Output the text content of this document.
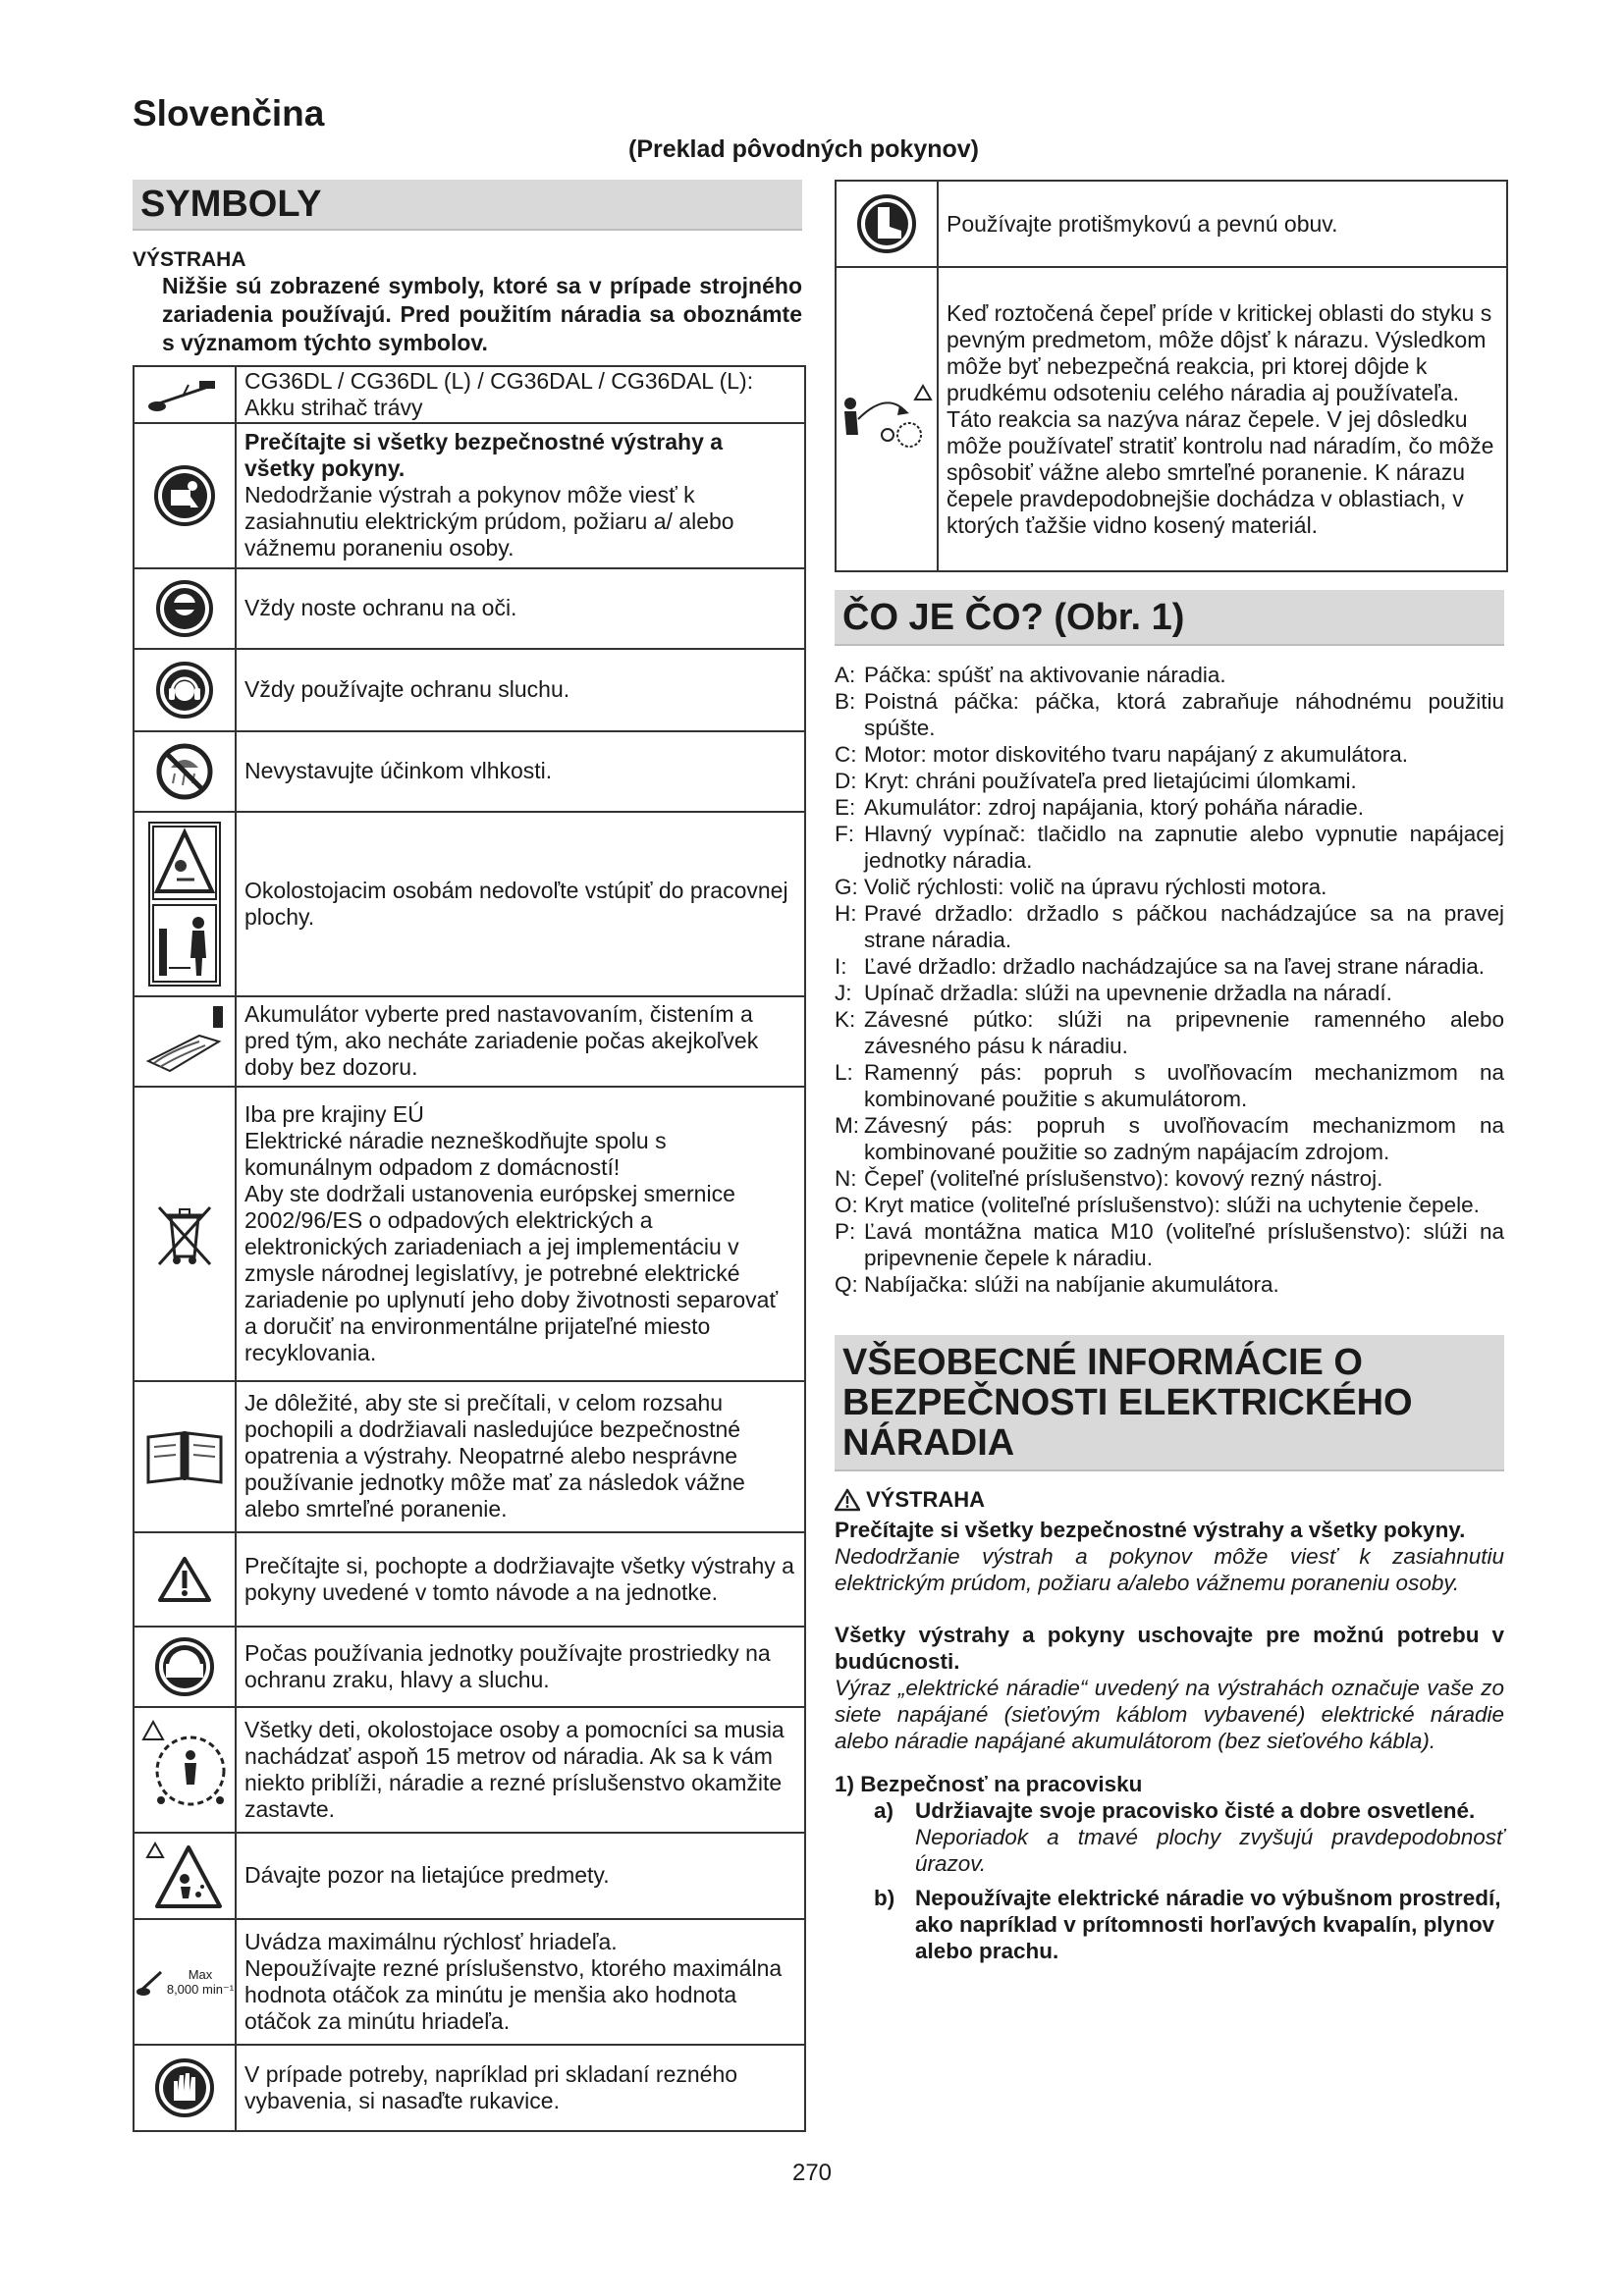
Slovenčina
(Preklad pôvodných pokynov)
SYMBOLY
VÝSTRAHA
Nižšie sú zobrazené symboly, ktoré sa v prípade strojného zariadenia používajú. Pred použitím náradia sa oboznámte s významom týchto symbolov.
CG36DL / CG36DL (L) / CG36DAL / CG36DAL (L):
Akku strihač trávy
Prečítajte si všetky bezpečnostné výstrahy a všetky pokyny.
Nedodržanie výstrah a pokynov môže viesť k zasiahnutiu elektrickým prúdom, požiaru a/ alebo vážnemu poraneniu osoby.
Vždy noste ochranu na oči.
Vždy používajte ochranu sluchu.
Nevystavujte účinkom vlhkosti.
Okolostojacim osobám nedovoľte vstúpiť do pracovnej plochy.
Akumulátor vyberte pred nastavovaním, čistením a pred tým, ako necháte zariadenie počas akejkoľvek doby bez dozoru.
Iba pre krajiny EÚ
Elektrické náradie nezneškodňujte spolu s komunálnym odpadom z domácností!
Aby ste dodržali ustanovenia európskej smernice 2002/96/ES o odpadových elektrických a elektronických zariadeniach a jej implementáciu v zmysle národnej legislatívy, je potrebné elektrické zariadenie po uplynutí jeho doby životnosti separovať a doručiť na environmentálne prijateľné miesto recyklovania.
Je dôležité, aby ste si prečítali, v celom rozsahu pochopili a dodržiavali nasledujúce bezpečnostné opatrenia a výstrahy. Neopatrné alebo nesprávne používanie jednotky môže mať za následok vážne alebo smrteľné poranenie.
Prečítajte si, pochopte a dodržiavajte všetky výstrahy a pokyny uvedené v tomto návode a na jednotke.
Počas používania jednotky používajte prostriedky na ochranu zraku, hlavy a sluchu.
Všetky deti, okolostojace osoby a pomocníci sa musia nachádzať aspoň 15 metrov od náradia. Ak sa k vám niekto priblíži, náradie a rezné príslušenstvo okamžite zastavte.
Dávajte pozor na lietajúce predmety.
Max
8,000 min⁻¹
Uvádza maximálnu rýchlosť hriadeľa.
Nepoužívajte rezné príslušenstvo, ktorého maximálna hodnota otáčok za minútu je menšia ako hodnota otáčok za minútu hriadeľa.
V prípade potreby, napríklad pri skladaní rezného vybavenia, si nasaďte rukavice.
Používajte protišmykovú a pevnú obuv.
Keď roztočená čepeľ príde v kritickej oblasti do styku s pevným predmetom, môže dôjsť k nárazu. Výsledkom môže byť nebezpečná reakcia, pri ktorej dôjde k prudkému odsoteniu celého náradia aj používateľa. Táto reakcia sa nazýva náraz čepele. V jej dôsledku môže používateľ stratiť kontrolu nad náradím, čo môže spôsobiť vážne alebo smrteľné poranenie. K nárazu čepele pravdepodobnejšie dochádza v oblastiach, v ktorých ťažšie vidno kosený materiál.
ČO JE ČO? (Obr. 1)
A: Páčka: spúšť na aktivovanie náradia.
B: Poistná páčka: páčka, ktorá zabraňuje náhodnému použitiu spúšte.
C: Motor: motor diskovitého tvaru napájaný z akumulátora.
D: Kryt: chráni používateľa pred lietajúcimi úlomkami.
E: Akumulátor: zdroj napájania, ktorý poháňa náradie.
F: Hlavný vypínač: tlačidlo na zapnutie alebo vypnutie napájacej jednotky náradia.
G: Volič rýchlosti: volič na úpravu rýchlosti motora.
H: Pravé držadlo: držadlo s páčkou nachádzajúce sa na pravej strane náradia.
I: Ľavé držadlo: držadlo nachádzajúce sa na ľavej strane náradia.
J: Upínač držadla: slúži na upevnenie držadla na náradí.
K: Závesné pútko: slúži na pripevnenie ramenného alebo závesného pásu k náradiu.
L: Ramenný pás: popruh s uvoľňovacím mechanizmom na kombinované použitie s akumulátorom.
M: Závesný pás: popruh s uvoľňovacím mechanizmom na kombinované použitie so zadným napájacím zdrojom.
N: Čepeľ (voliteľné príslušenstvo): kovový rezný nástroj.
O: Kryt matice (voliteľné príslušenstvo): slúži na uchytenie čepele.
P: Ľavá montážna matica M10 (voliteľné príslušenstvo): slúži na pripevnenie čepele k náradiu.
Q: Nabíjačka: slúži na nabíjanie akumulátora.
VŠEOBECNÉ INFORMÁCIE O BEZPEČNOSTI ELEKTRICKÉHO NÁRADIA
VÝSTRAHA
Prečítajte si všetky bezpečnostné výstrahy a všetky pokyny.
Nedodržanie výstrah a pokynov môže viesť k zasiahnutiu elektrickým prúdom, požiaru a/alebo vážnemu poraneniu osoby.
Všetky výstrahy a pokyny uschovajte pre možnú potrebu v budúcnosti.
Výraz „elektrické náradie“ uvedený na výstrahách označuje vaše zo siete napájané (sieťovým káblom vybavené) elektrické náradie alebo náradie napájané akumulátorom (bez sieťového kábla).
1) Bezpečnosť na pracovisku
a) Udržiavajte svoje pracovisko čisté a dobre osvetlené.
Neporiadok a tmavé plochy zvyšujú pravdepodobnosť úrazov.
b) Nepoužívajte elektrické náradie vo výbušnom prostredí, ako napríklad v prítomnosti horľavých kvapalín, plynov alebo prachu.
270
